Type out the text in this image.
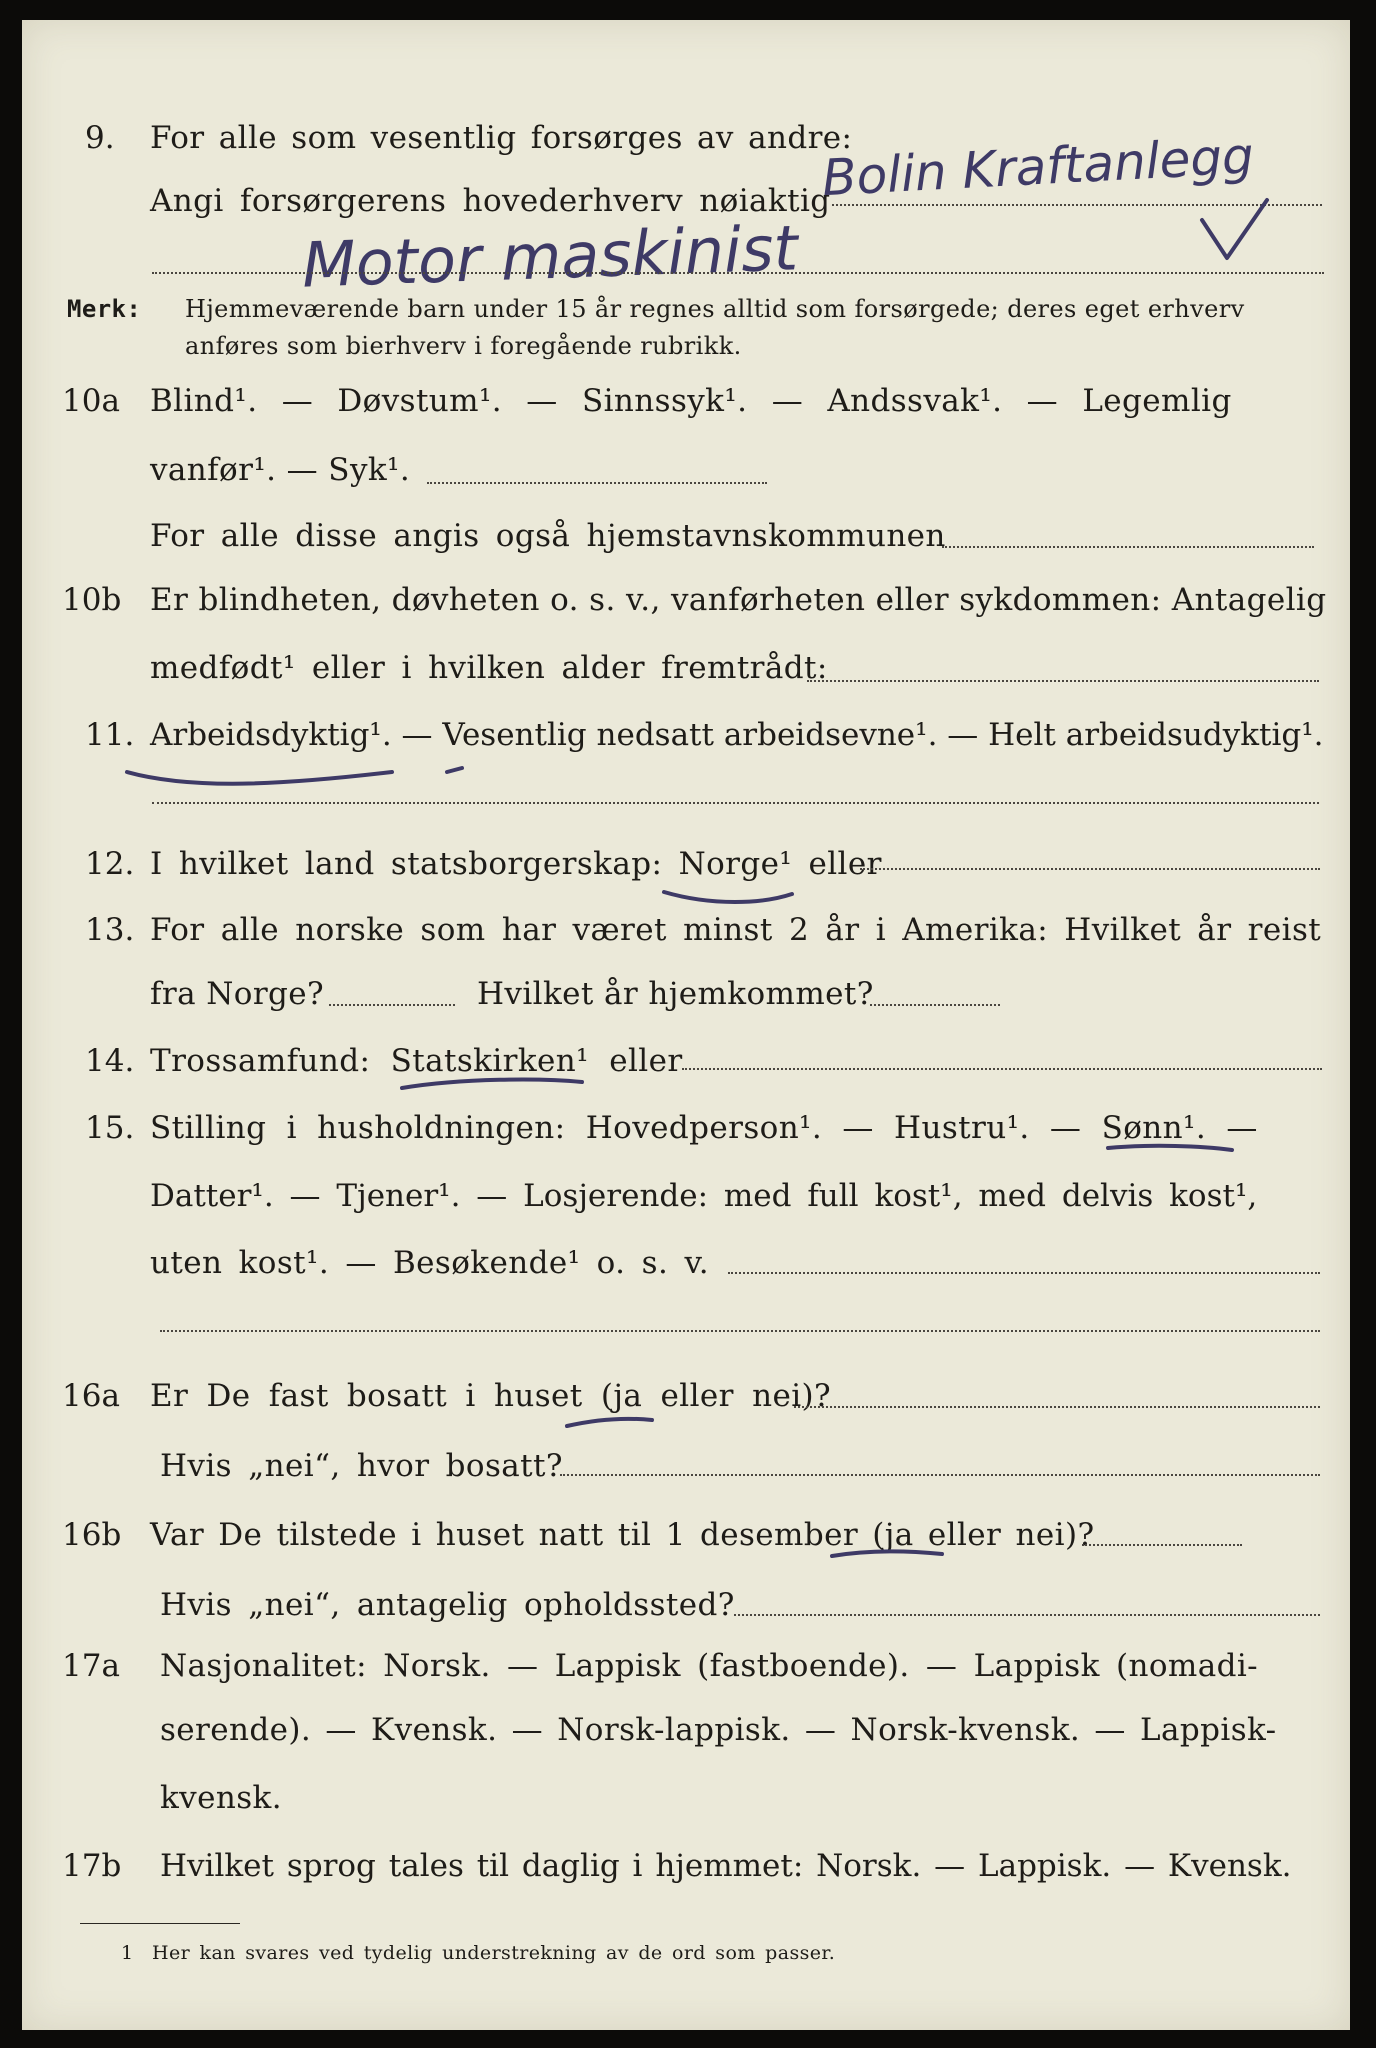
9. For alle som vesentlig forsørges av andre:
Angi forsørgerens hovederhverv nøiaktig
Bolin Kraftanlegg
Motor maskinist
Merk: Hjemmeværende barn under 15 år regnes alltid som forsørgede; deres eget erhverv
anføres som bierhverv i foregående rubrikk.
10a Blind¹. — Døvstum¹. — Sinnssyk¹. — Andssvak¹. — Legemlig
vanfør¹. — Syk¹.
For alle disse angis også hjemstavnskommunen
10b Er blindheten, døvheten o. s. v., vanførheten eller sykdommen: Antagelig
medfødt¹ eller i hvilken alder fremtrådt:
11. Arbeidsdyktig¹. — Vesentlig nedsatt arbeidsevne¹. — Helt arbeidsudyktig¹.
12. I hvilket land statsborgerskap: Norge¹ eller
13. For alle norske som har været minst 2 år i Amerika: Hvilket år reist
fra Norge?	Hvilket år hjemkommet?
14. Trossamfund: Statskirken¹ eller
15. Stilling i husholdningen: Hovedperson¹. — Hustru¹. — Sønn¹. —
Datter¹. — Tjener¹. — Losjerende: med full kost¹, med delvis kost¹,
uten kost¹. — Besøkende¹ o. s. v.
16a Er De fast bosatt i huset (ja eller nei)?
Hvis „nei“, hvor bosatt?
16b Var De tilstede i huset natt til 1 desember (ja eller nei)?
Hvis „nei“, antagelig opholdssted?
17a Nasjonalitet: Norsk. — Lappisk (fastboende). — Lappisk (nomadi-
serende). — Kvensk. — Norsk-lappisk. — Norsk-kvensk. — Lappisk-
kvensk.
17b Hvilket sprog tales til daglig i hjemmet: Norsk. — Lappisk. — Kvensk.
1 Her kan svares ved tydelig understrekning av de ord som passer.
